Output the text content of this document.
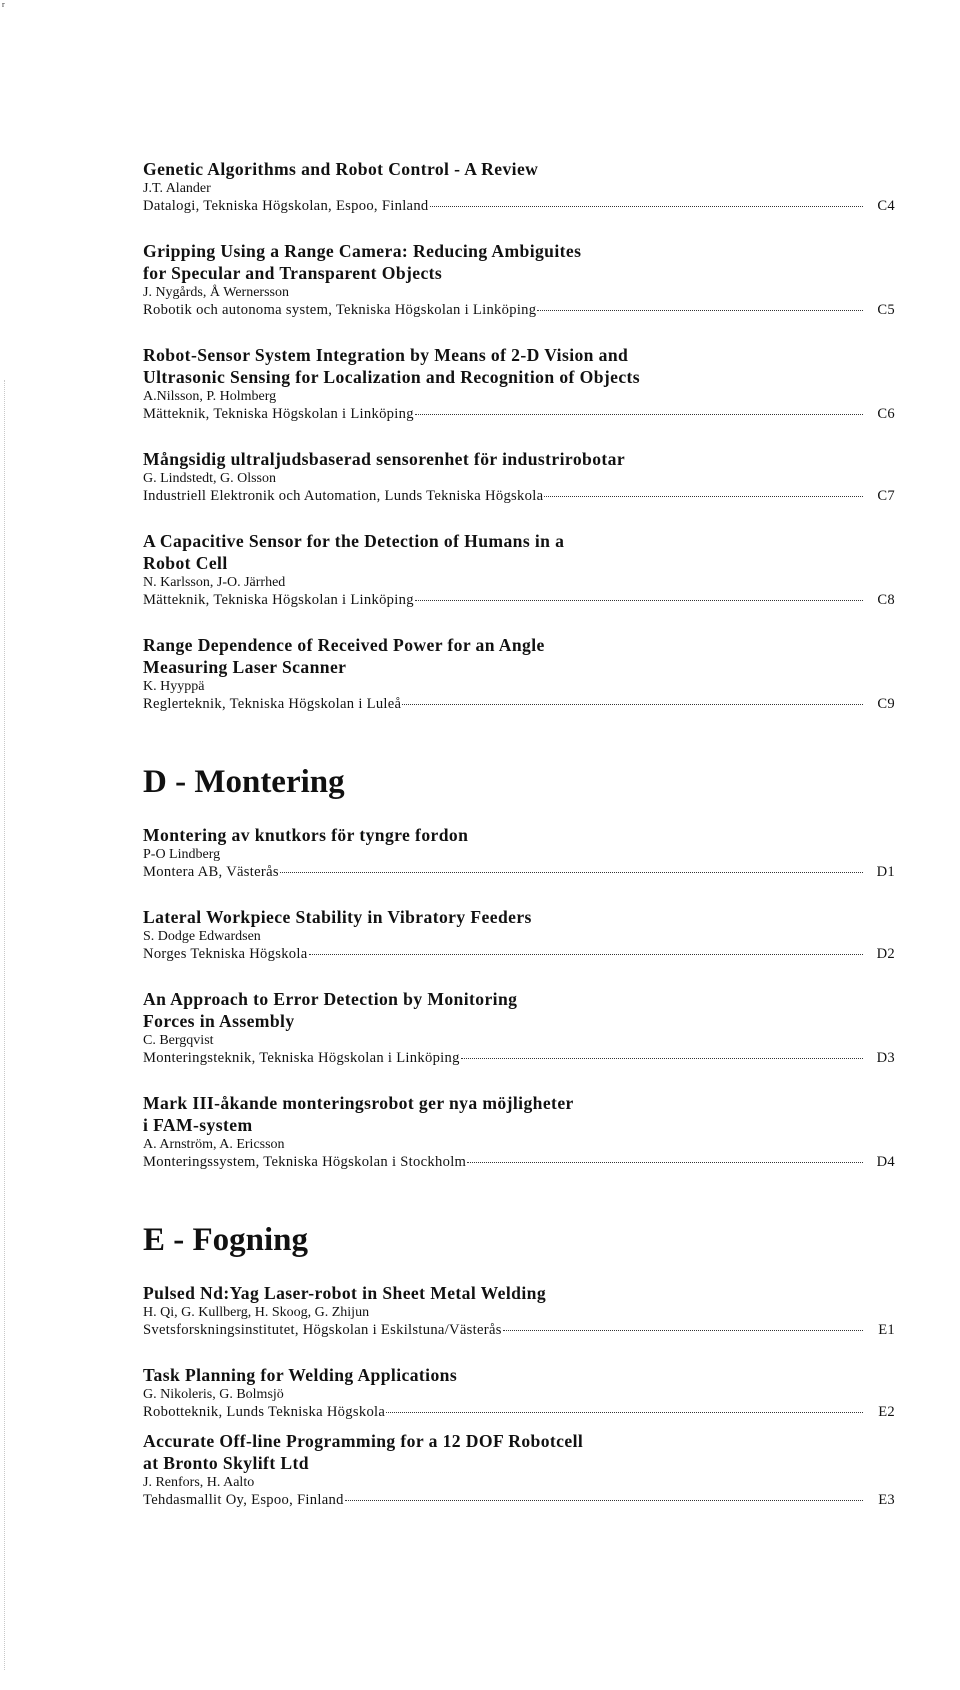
r
Genetic Algorithms and Robot Control - A Review
J.T. Alander
Datalogi, Tekniska Högskolan, Espoo, Finland	C4
Gripping Using a Range Camera: Reducing Ambiguites
for Specular and Transparent Objects
J. Nygårds, Å Wernersson
Robotik och autonoma system, Tekniska Högskolan i Linköping	C5
Robot-Sensor System Integration by Means of 2-D Vision and
Ultrasonic Sensing for Localization and Recognition of Objects
A.Nilsson, P. Holmberg
Mätteknik, Tekniska Högskolan i Linköping	C6
Mångsidig ultraljudsbaserad sensorenhet för industrirobotar
G. Lindstedt, G. Olsson
Industriell Elektronik och Automation, Lunds Tekniska Högskola	C7
A Capacitive Sensor for the Detection of Humans in a
Robot Cell
N. Karlsson, J-O. Järrhed
Mätteknik, Tekniska Högskolan i Linköping	C8
Range Dependence of Received Power for an Angle
Measuring Laser Scanner
K. Hyyppä
Reglerteknik, Tekniska Högskolan i Luleå	C9
D - Montering
Montering av knutkors för tyngre fordon
P-O Lindberg
Montera AB, Västerås	D1
Lateral Workpiece Stability in Vibratory Feeders
S. Dodge Edwardsen
Norges Tekniska Högskola	D2
An Approach to Error Detection by Monitoring
Forces in Assembly
C. Bergqvist
Monteringsteknik, Tekniska Högskolan i Linköping	D3
Mark III-åkande monteringsrobot ger nya möjligheter
i FAM-system
A. Arnström, A. Ericsson
Monteringssystem, Tekniska Högskolan i Stockholm	D4
E - Fogning
Pulsed Nd:Yag Laser-robot in Sheet Metal Welding
H. Qi, G. Kullberg, H. Skoog, G. Zhijun
Svetsforskningsinstitutet, Högskolan i Eskilstuna/Västerås	E1
Task Planning for Welding Applications
G. Nikoleris, G. Bolmsjö
Robotteknik, Lunds Tekniska Högskola	E2
Accurate Off-line Programming for a 12 DOF Robotcell
at Bronto Skylift Ltd
J. Renfors, H. Aalto
Tehdasmallit Oy, Espoo, Finland	E3
